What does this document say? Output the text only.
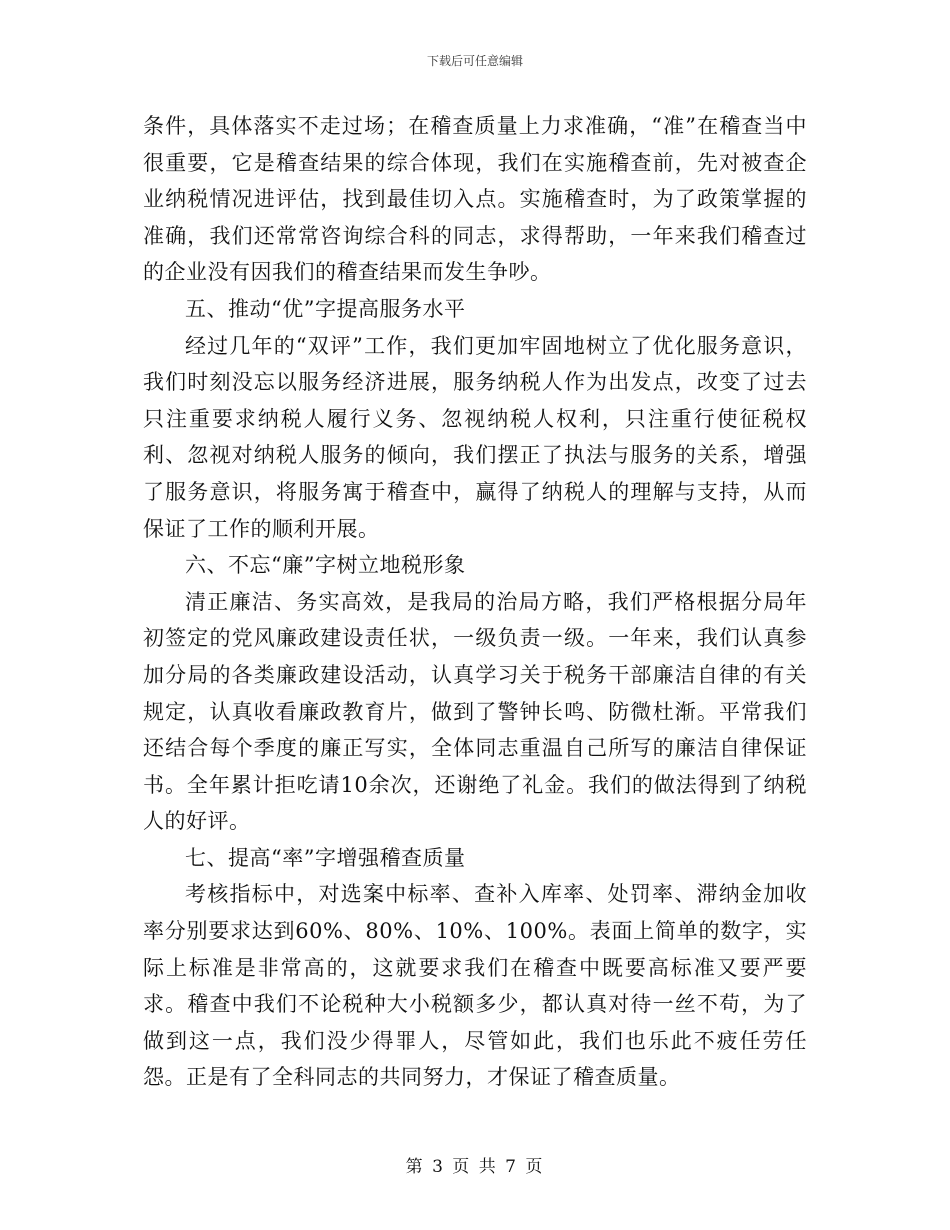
下载后可任意编辑

条件，具体落实不走过场；在稽查质量上力求准确，“准”在稽查当中很重要，它是稽查结果的综合体现，我们在实施稽查前，先对被查企业纳税情况进评估，找到最佳切入点。实施稽查时，为了政策掌握的准确，我们还常常咨询综合科的同志，求得帮助，一年来我们稽查过的企业没有因我们的稽查结果而发生争吵。

五、推动“优”字提高服务水平

经过几年的“双评”工作，我们更加牢固地树立了优化服务意识，我们时刻没忘以服务经济进展，服务纳税人作为出发点，改变了过去只注重要求纳税人履行义务、忽视纳税人权利，只注重行使征税权利、忽视对纳税人服务的倾向，我们摆正了执法与服务的关系，增强了服务意识，将服务寓于稽查中，赢得了纳税人的理解与支持，从而保证了工作的顺利开展。

六、不忘“廉”字树立地税形象

清正廉洁、务实高效，是我局的治局方略，我们严格根据分局年初签定的党风廉政建设责任状，一级负责一级。一年来，我们认真参加分局的各类廉政建设活动，认真学习关于税务干部廉洁自律的有关规定，认真收看廉政教育片，做到了警钟长鸣、防微杜渐。平常我们还结合每个季度的廉正写实，全体同志重温自己所写的廉洁自律保证书。全年累计拒吃请10余次，还谢绝了礼金。我们的做法得到了纳税人的好评。

七、提高“率”字增强稽查质量

考核指标中，对选案中标率、查补入库率、处罚率、滞纳金加收率分别要求达到60%、80%、10%、100%。表面上简单的数字，实际上标准是非常高的，这就要求我们在稽查中既要高标准又要严要求。稽查中我们不论税种大小税额多少，都认真对待一丝不苟，为了做到这一点，我们没少得罪人，尽管如此，我们也乐此不疲任劳任怨。正是有了全科同志的共同努力，才保证了稽查质量。

第 3 页 共 7 页
